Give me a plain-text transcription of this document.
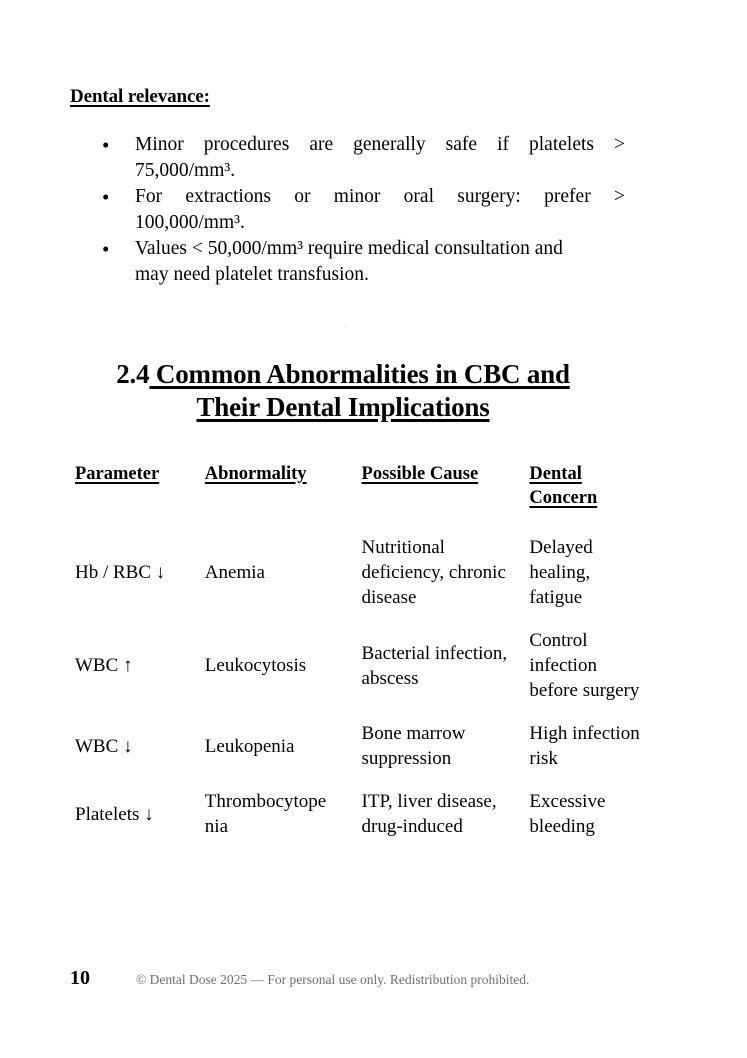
Dental relevance:
• Minor procedures are generally safe if platelets >
75,000/mm³.
• For extractions or minor oral surgery: prefer >
100,000/mm³.
• Values < 50,000/mm³ require medical consultation and
may need platelet transfusion.
.
2.4 Common Abnormalities in CBC and
Their Dental Implications
Parameter	Abnormality	Possible Cause	Dental Concern

Hb / RBC ↓	Anemia	Nutritional deficiency, chronic disease	Delayed healing, fatigue

WBC ↑	Leukocytosis	Bacterial infection, abscess	Control infection before surgery

WBC ↓	Leukopenia	Bone marrow suppression	High infection risk

Platelets ↓	Thrombocytope nia	ITP, liver disease, drug-induced	Excessive bleeding
10	© Dental Dose 2025 — For personal use only. Redistribution prohibited.
